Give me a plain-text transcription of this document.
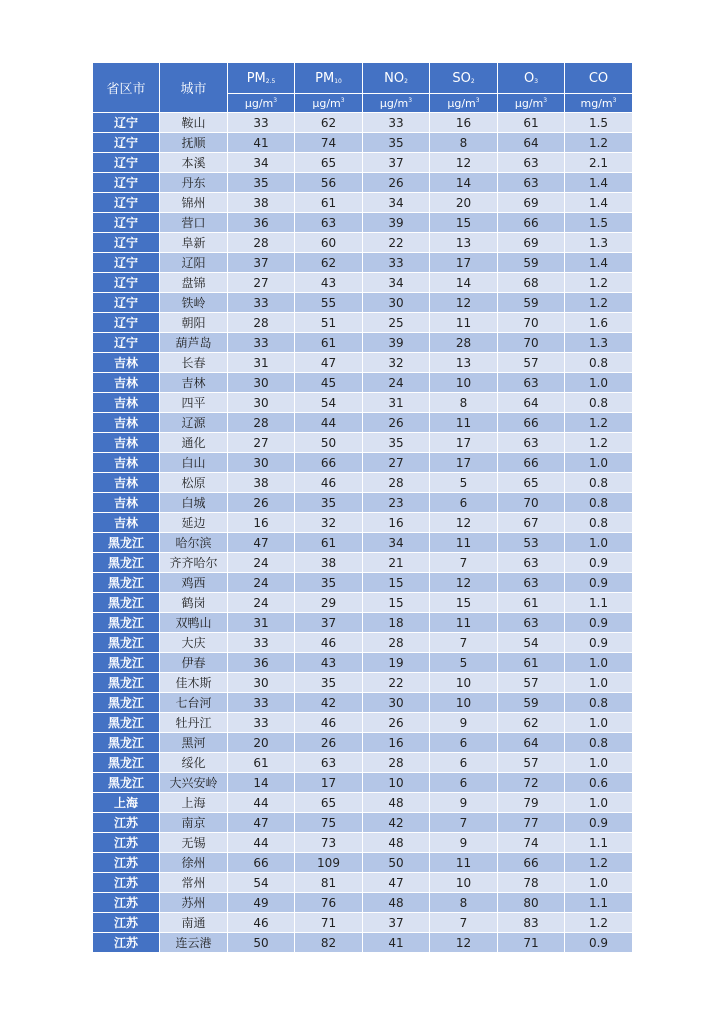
省区市	城市	$PM_{2.5}$	$PM_{10}$	$NO_2$	$SO_2$	$O_3$	CO
		$\mu g/m^3$	$\mu g/m^3$	$\mu g/m^3$	$\mu g/m^3$	$\mu g/m^3$	$mg/m^3$
辽宁	鞍山	33	62	33	16	61	1.5
辽宁	抚顺	41	74	35	8	64	1.2
辽宁	本溪	34	65	37	12	63	2.1
辽宁	丹东	35	56	26	14	63	1.4
辽宁	锦州	38	61	34	20	69	1.4
辽宁	营口	36	63	39	15	66	1.5
辽宁	阜新	28	60	22	13	69	1.3
辽宁	辽阳	37	62	33	17	59	1.4
辽宁	盘锦	27	43	34	14	68	1.2
辽宁	铁岭	33	55	30	12	59	1.2
辽宁	朝阳	28	51	25	11	70	1.6
辽宁	葫芦岛	33	61	39	28	70	1.3
吉林	长春	31	47	32	13	57	0.8
吉林	吉林	30	45	24	10	63	1.0
吉林	四平	30	54	31	8	64	0.8
吉林	辽源	28	44	26	11	66	1.2
吉林	通化	27	50	35	17	63	1.2
吉林	白山	30	66	27	17	66	1.0
吉林	松原	38	46	28	5	65	0.8
吉林	白城	26	35	23	6	70	0.8
吉林	延边	16	32	16	12	67	0.8
黑龙江	哈尔滨	47	61	34	11	53	1.0
黑龙江	齐齐哈尔	24	38	21	7	63	0.9
黑龙江	鸡西	24	35	15	12	63	0.9
黑龙江	鹤岗	24	29	15	15	61	1.1
黑龙江	双鸭山	31	37	18	11	63	0.9
黑龙江	大庆	33	46	28	7	54	0.9
黑龙江	伊春	36	43	19	5	61	1.0
黑龙江	佳木斯	30	35	22	10	57	1.0
黑龙江	七台河	33	42	30	10	59	0.8
黑龙江	牡丹江	33	46	26	9	62	1.0
黑龙江	黑河	20	26	16	6	64	0.8
黑龙江	绥化	61	63	28	6	57	1.0
黑龙江	大兴安岭	14	17	10	6	72	0.6
上海	上海	44	65	48	9	79	1.0
江苏	南京	47	75	42	7	77	0.9
江苏	无锡	44	73	48	9	74	1.1
江苏	徐州	66	109	50	11	66	1.2
江苏	常州	54	81	47	10	78	1.0
江苏	苏州	49	76	48	8	80	1.1
江苏	南通	46	71	37	7	83	1.2
江苏	连云港	50	82	41	12	71	0.9
